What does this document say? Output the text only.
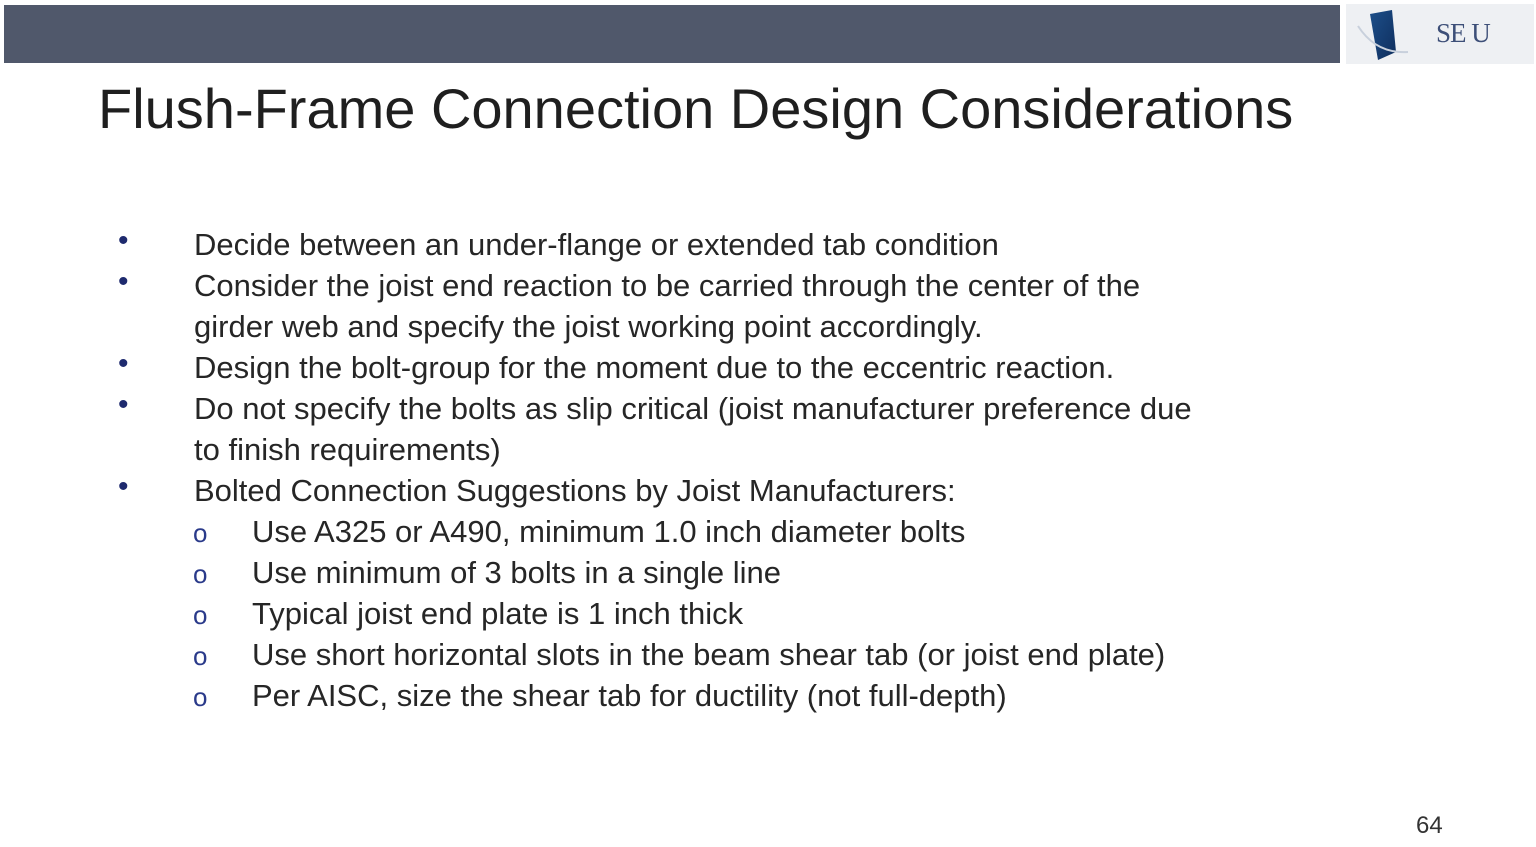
SE U
Flush-Frame Connection Design Considerations
• Decide between an under-flange or extended tab condition
• Consider the joist end reaction to be carried through the center of the
girder web and specify the joist working point accordingly.
• Design the bolt-group for the moment due to the eccentric reaction.
• Do not specify the bolts as slip critical (joist manufacturer preference due
to finish requirements)
• Bolted Connection Suggestions by Joist Manufacturers:
o Use A325 or A490, minimum 1.0 inch diameter bolts
o Use minimum of 3 bolts in a single line
o Typical joist end plate is 1 inch thick
o Use short horizontal slots in the beam shear tab (or joist end plate)
o Per AISC, size the shear tab for ductility (not full-depth)
64
